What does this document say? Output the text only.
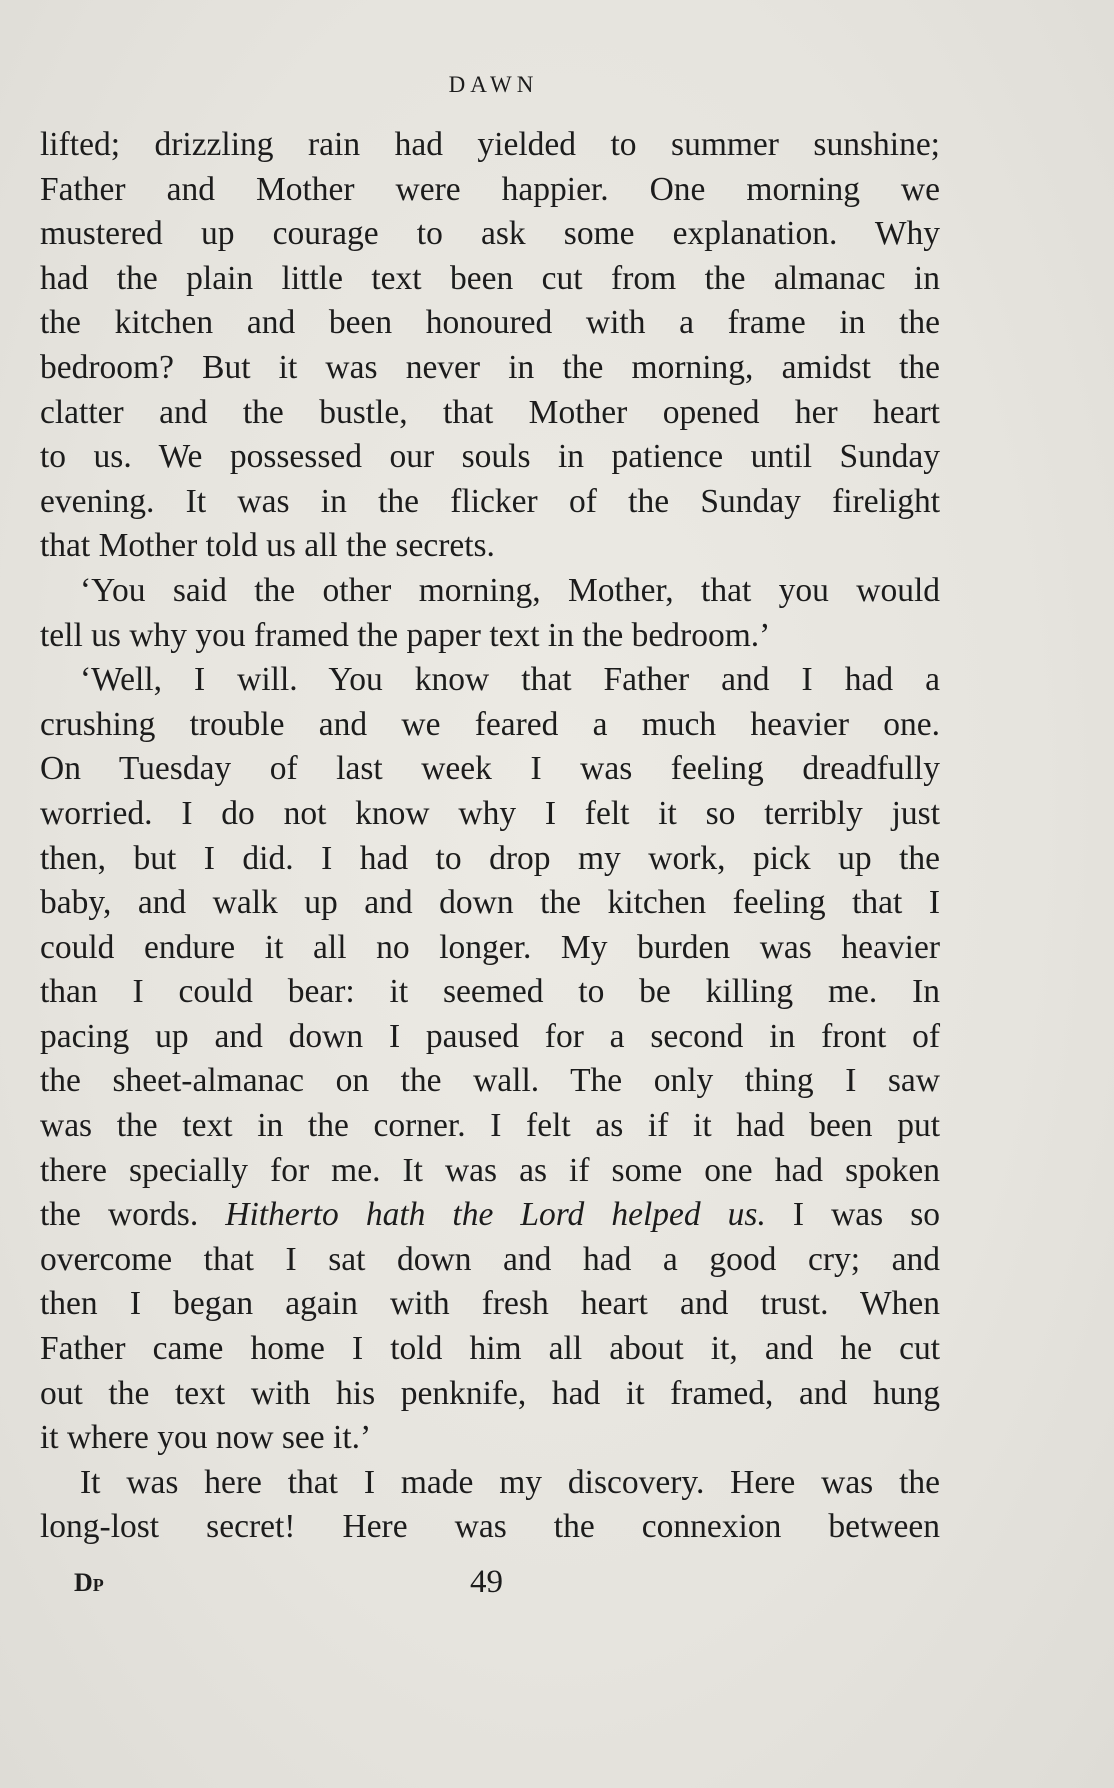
DAWN
lifted; drizzling rain had yielded to summer sunshine;
Father and Mother were happier. One morning we
mustered up courage to ask some explanation. Why
had the plain little text been cut from the almanac in
the kitchen and been honoured with a frame in the
bedroom? But it was never in the morning, amidst the
clatter and the bustle, that Mother opened her heart
to us. We possessed our souls in patience until Sunday
evening. It was in the flicker of the Sunday firelight
that Mother told us all the secrets.
‘You said the other morning, Mother, that you would
tell us why you framed the paper text in the bedroom.’
‘Well, I will. You know that Father and I had a
crushing trouble and we feared a much heavier one.
On Tuesday of last week I was feeling dreadfully
worried. I do not know why I felt it so terribly just
then, but I did. I had to drop my work, pick up the
baby, and walk up and down the kitchen feeling that I
could endure it all no longer. My burden was heavier
than I could bear: it seemed to be killing me. In
pacing up and down I paused for a second in front of
the sheet-almanac on the wall. The only thing I saw
was the text in the corner. I felt as if it had been put
there specially for me. It was as if some one had spoken
the words. Hitherto hath the Lord helped us. I was so
overcome that I sat down and had a good cry; and
then I began again with fresh heart and trust. When
Father came home I told him all about it, and he cut
out the text with his penknife, had it framed, and hung
it where you now see it.’
It was here that I made my discovery. Here was the
long-lost secret! Here was the connexion between
DP	49
